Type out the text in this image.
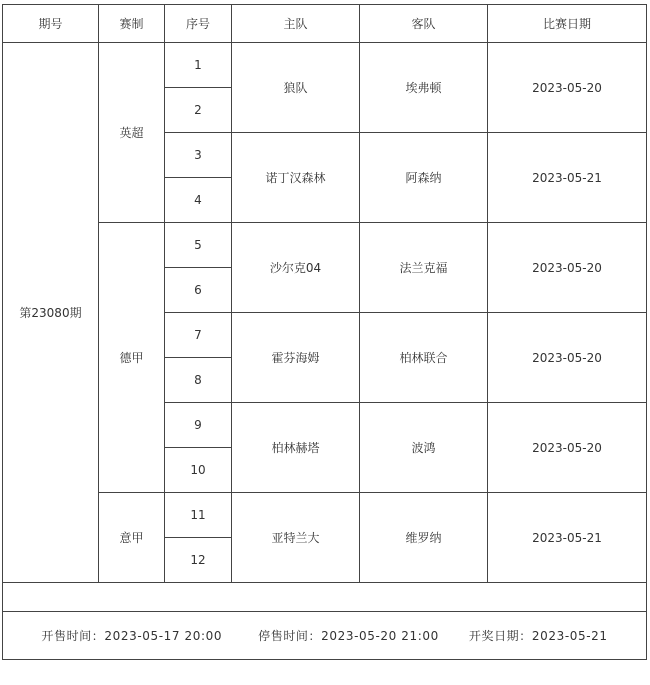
期号	赛制	序号	主队	客队	比赛日期
第23080期	英超	1	狼队	埃弗顿	2023-05-20
		2			
		3	诺丁汉森林	阿森纳	2023-05-21
		4			
	德甲	5	沙尔克04	法兰克福	2023-05-20
		6			
		7	霍芬海姆	柏林联合	2023-05-20
		8			
		9	柏林赫塔	波鸿	2023-05-20
		10			
	意甲	11	亚特兰大	维罗纳	2023-05-21
		12			

开售时间：2023-05-17 20:00 停售时间：2023-05-20 21:00 开奖日期：2023-05-21					
